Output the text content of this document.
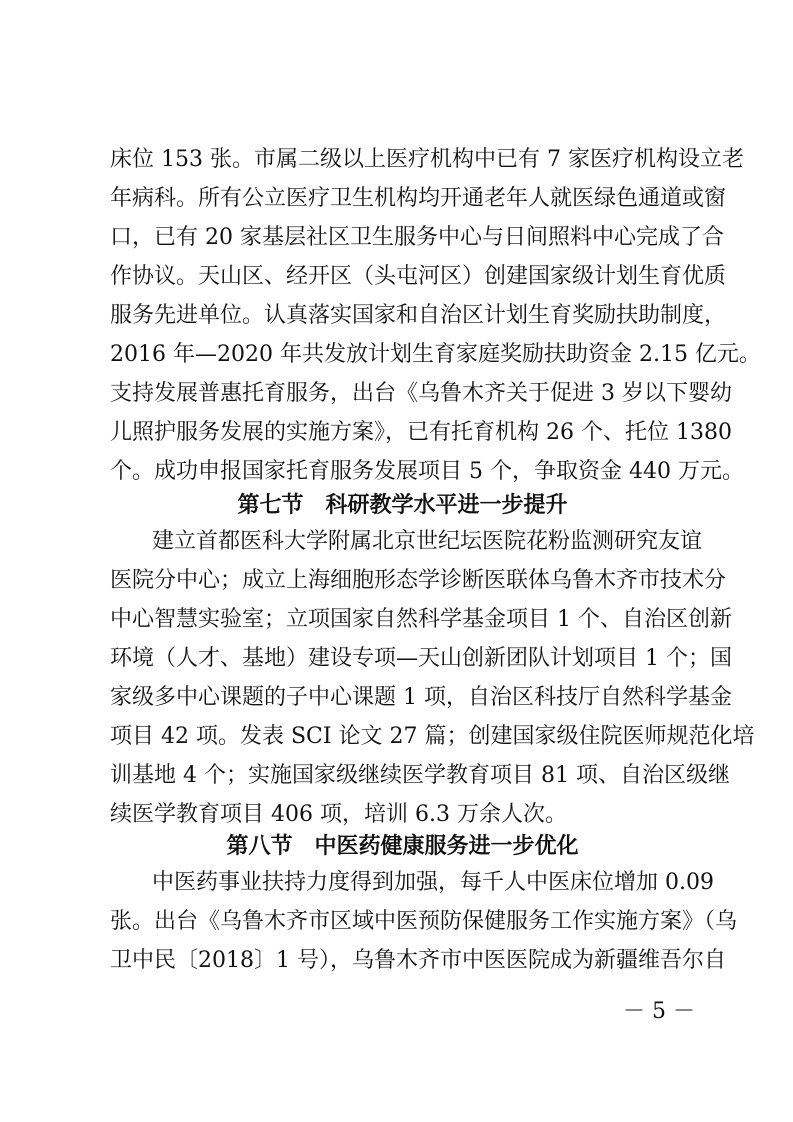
床位 153 张。市属二级以上医疗机构中已有 7 家医疗机构设立老
年病科。所有公立医疗卫生机构均开通老年人就医绿色通道或窗
口，已有 20 家基层社区卫生服务中心与日间照料中心完成了合
作协议。天山区、经开区（头屯河区）创建国家级计划生育优质
服务先进单位。认真落实国家和自治区计划生育奖励扶助制度，
2016 年—2020 年共发放计划生育家庭奖励扶助资金 2.15 亿元。
支持发展普惠托育服务，出台《乌鲁木齐关于促进 3 岁以下婴幼
儿照护服务发展的实施方案》，已有托育机构 26 个、托位 1380
个。成功申报国家托育服务发展项目 5 个，争取资金 440 万元。
第七节　科研教学水平进一步提升
建立首都医科大学附属北京世纪坛医院花粉监测研究友谊
医院分中心；成立上海细胞形态学诊断医联体乌鲁木齐市技术分
中心智慧实验室；立项国家自然科学基金项目 1 个、自治区创新
环境（人才、基地）建设专项—天山创新团队计划项目 1 个；国
家级多中心课题的子中心课题 1 项，自治区科技厅自然科学基金
项目 42 项。发表 SCI 论文 27 篇；创建国家级住院医师规范化培
训基地 4 个；实施国家级继续医学教育项目 81 项、自治区级继
续医学教育项目 406 项，培训 6.3 万余人次。
第八节　中医药健康服务进一步优化
中医药事业扶持力度得到加强，每千人中医床位增加 0.09
张。出台《乌鲁木齐市区域中医预防保健服务工作实施方案》（乌
卫中民〔2018〕1 号），乌鲁木齐市中医医院成为新疆维吾尔自
－ 5 －
